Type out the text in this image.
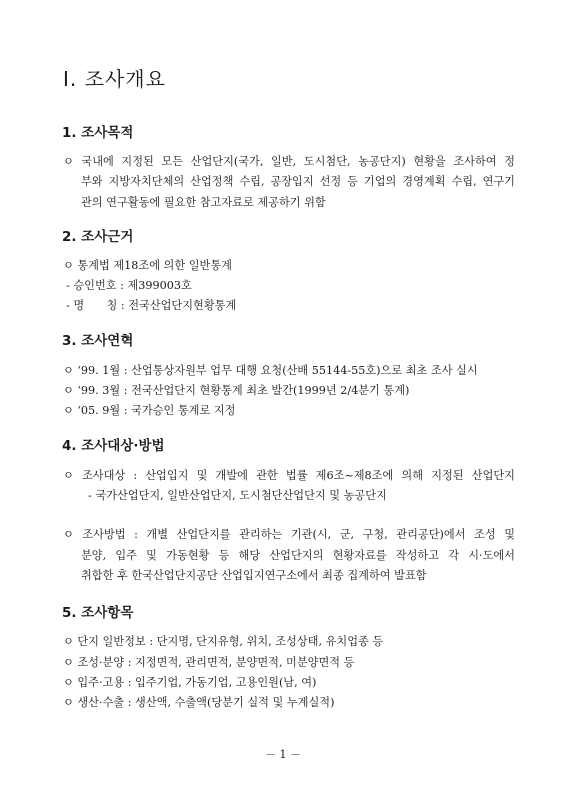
Ⅰ. 조사개요
1. 조사목적
ㅇ 국내에 지정된 모든 산업단지(국가, 일반, 도시첨단, 농공단지) 현황을 조사하여 정
부와 지방자치단체의 산업정책 수립, 공장입지 선정 등 기업의 경영계획 수립, 연구기
관의 연구활동에 필요한 참고자료로 제공하기 위함
2. 조사근거
ㅇ 통계법 제18조에 의한 일반통계
- 승인번호 : 제399003호
- 명　　칭 : 전국산업단지현황통계
3. 조사연혁
ㅇ ‘99. 1월 : 산업통상자원부 업무 대행 요청(산배 55144-55호)으로 최초 조사 실시
ㅇ ‘99. 3월 : 전국산업단지 현황통계 최초 발간(1999년 2/4분기 통계)
ㅇ ‘05. 9월 : 국가승인 통계로 지정
4. 조사대상·방법
ㅇ 조사대상 : 산업입지 및 개발에 관한 법률 제6조~제8조에 의해 지정된 산업단지
- 국가산업단지, 일반산업단지, 도시첨단산업단지 및 농공단지
ㅇ 조사방법 : 개별 산업단지를 관리하는 기관(시, 군, 구청, 관리공단)에서 조성 및
분양, 입주 및 가동현황 등 해당 산업단지의 현황자료를 작성하고 각 시·도에서
취합한 후 한국산업단지공단 산업입지연구소에서 최종 집계하여 발표함
5. 조사항목
ㅇ 단지 일반정보 : 단지명, 단지유형, 위치, 조성상태, 유치업종 등
ㅇ 조성·분양 : 지정면적, 관리면적, 분양면적, 미분양면적 등
ㅇ 입주·고용 : 입주기업, 가동기업, 고용인원(남, 여)
ㅇ 생산·수출 : 생산액, 수출액(당분기 실적 및 누계실적)
－ 1 －
